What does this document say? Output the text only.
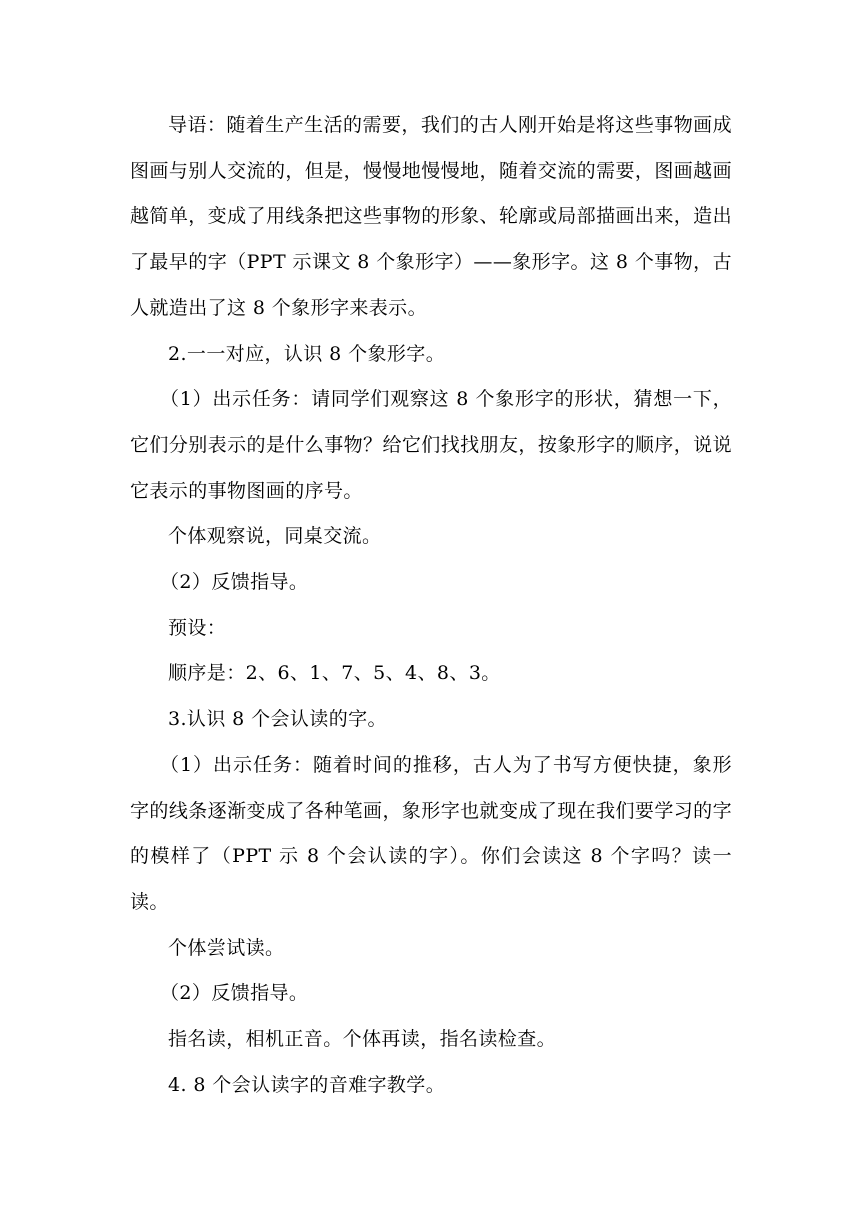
导语：随着生产生活的需要，我们的古人刚开始是将这些事物画成图画与别人交流的，但是，慢慢地慢慢地，随着交流的需要，图画越画越简单，变成了用线条把这些事物的形象、轮廓或局部描画出来，造出了最早的字（PPT 示课文 8 个象形字）——象形字。这 8 个事物，古人就造出了这 8 个象形字来表示。

2.一一对应，认识 8 个象形字。

（1）出示任务：请同学们观察这 8 个象形字的形状，猜想一下，它们分别表示的是什么事物？给它们找找朋友，按象形字的顺序，说说它表示的事物图画的序号。

个体观察说，同桌交流。

（2）反馈指导。

预设：

顺序是：2、6、1、7、5、4、8、3。

3.认识 8 个会认读的字。

（1）出示任务：随着时间的推移，古人为了书写方便快捷，象形字的线条逐渐变成了各种笔画，象形字也就变成了现在我们要学习的字的模样了（PPT 示 8 个会认读的字）。你们会读这 8 个字吗？读一读。

个体尝试读。

（2）反馈指导。

指名读，相机正音。个体再读，指名读检查。

4. 8 个会认读字的音难字教学。
